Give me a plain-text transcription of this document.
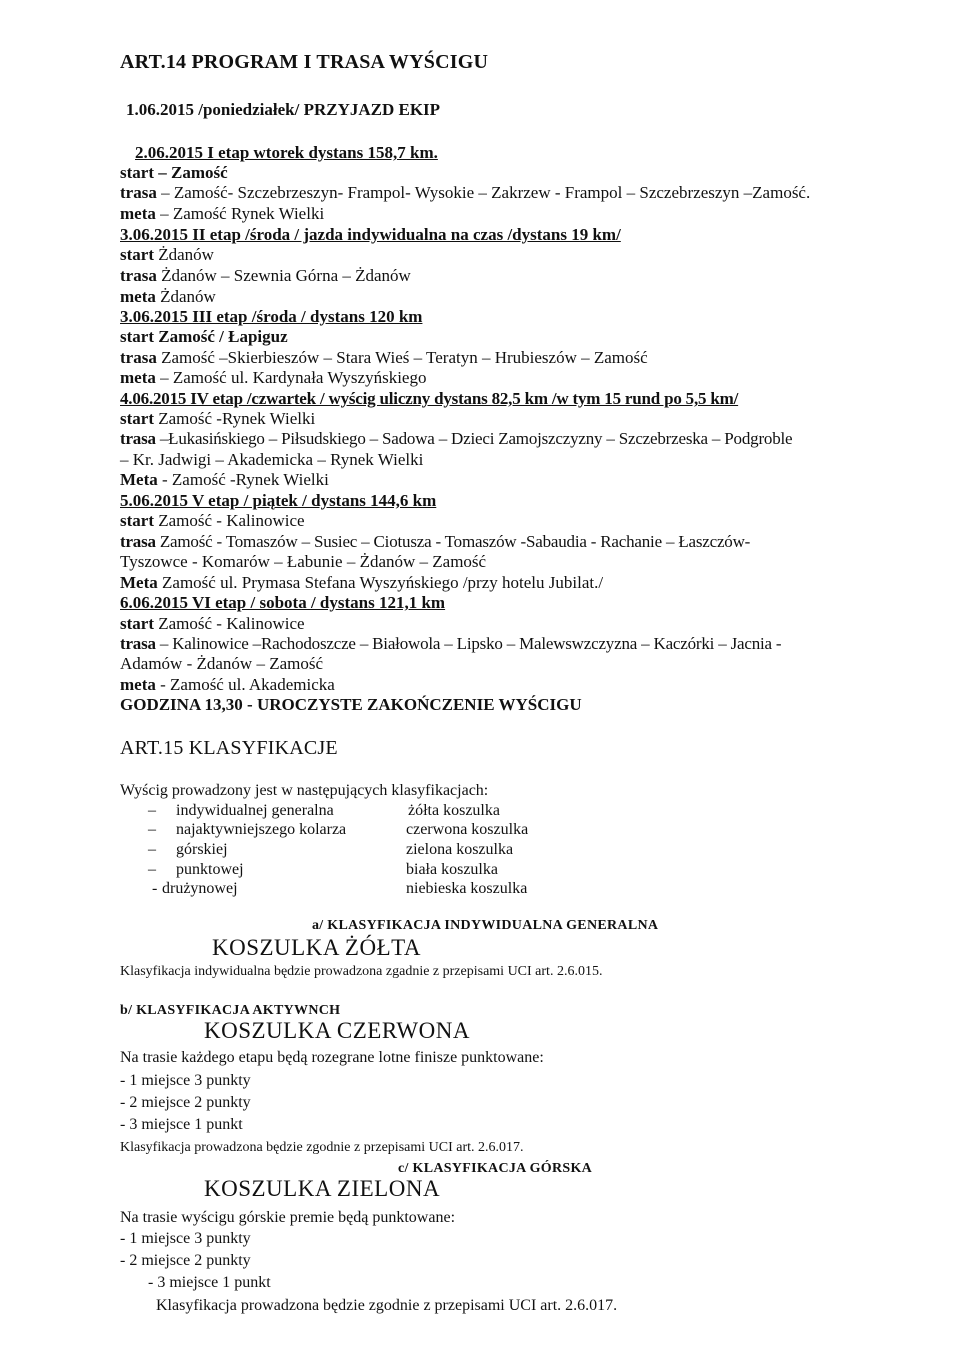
ART.14 PROGRAM I TRASA WYŚCIGU
1.06.2015 /poniedziałek/ PRZYJAZD EKIP
2.06.2015 I etap wtorek dystans 158,7 km.
start – Zamość
trasa – Zamość- Szczebrzeszyn- Frampol- Wysokie – Zakrzew - Frampol – Szczebrzeszyn –Zamość.
meta – Zamość Rynek Wielki
3.06.2015 II etap /środa / jazda indywidualna na czas /dystans 19 km/
start Żdanów
trasa Żdanów – Szewnia Górna – Żdanów
meta Żdanów
3.06.2015 III etap /środa / dystans 120 km
start Zamość / Łapiguz
trasa Zamość –Skierbieszów – Stara Wieś – Teratyn – Hrubieszów – Zamość
meta – Zamość ul. Kardynała Wyszyńskiego
4.06.2015 IV etap /czwartek / wyścig uliczny dystans 82,5 km /w tym 15 rund po 5,5 km/
start Zamość -Rynek Wielki
trasa –Łukasińskiego – Piłsudskiego – Sadowa – Dzieci Zamojszczyzny – Szczebrzeska – Podgroble
– Kr. Jadwigi – Akademicka – Rynek Wielki
Meta - Zamość -Rynek Wielki
5.06.2015 V etap / piątek / dystans 144,6 km
start Zamość - Kalinowice
trasa Zamość - Tomaszów – Susiec – Ciotusza - Tomaszów -Sabaudia - Rachanie – Łaszczów-
Tyszowce - Komarów – Łabunie – Żdanów – Zamość
Meta Zamość ul. Prymasa Stefana Wyszyńskiego /przy hotelu Jubilat./
6.06.2015 VI etap / sobota / dystans 121,1 km
start Zamość - Kalinowice
trasa – Kalinowice –Rachodoszcze – Białowola – Lipsko – Malewswzczyzna – Kaczórki – Jacnia -
Adamów - Żdanów – Zamość
meta - Zamość ul. Akademicka
GODZINA 13,30 - UROCZYSTE ZAKOŃCZENIE WYŚCIGU
ART.15 KLASYFIKACJE
Wyścig prowadzony jest w następujących klasyfikacjach:
– indywidualnej generalna	żółta koszulka
– najaktywniejszego kolarza	czerwona koszulka
– górskiej	zielona koszulka
– punktowej	biała koszulka
- drużynowej	niebieska koszulka
a/ KLASYFIKACJA INDYWIDUALNA GENERALNA
KOSZULKA ŻÓŁTA
Klasyfikacja indywidualna będzie prowadzona zgadnie z przepisami UCI art. 2.6.015.
b/ KLASYFIKACJA AKTYWNCH
KOSZULKA CZERWONA
Na trasie każdego etapu będą rozegrane lotne finisze punktowane:
- 1 miejsce 3 punkty
- 2 miejsce 2 punkty
- 3 miejsce 1 punkt
Klasyfikacja prowadzona będzie zgodnie z przepisami UCI art. 2.6.017.
c/ KLASYFIKACJA GÓRSKA
KOSZULKA ZIELONA
Na trasie wyścigu górskie premie będą punktowane:
- 1 miejsce 3 punkty
- 2 miejsce 2 punkty
- 3 miejsce 1 punkt
Klasyfikacja prowadzona będzie zgodnie z przepisami UCI art. 2.6.017.
